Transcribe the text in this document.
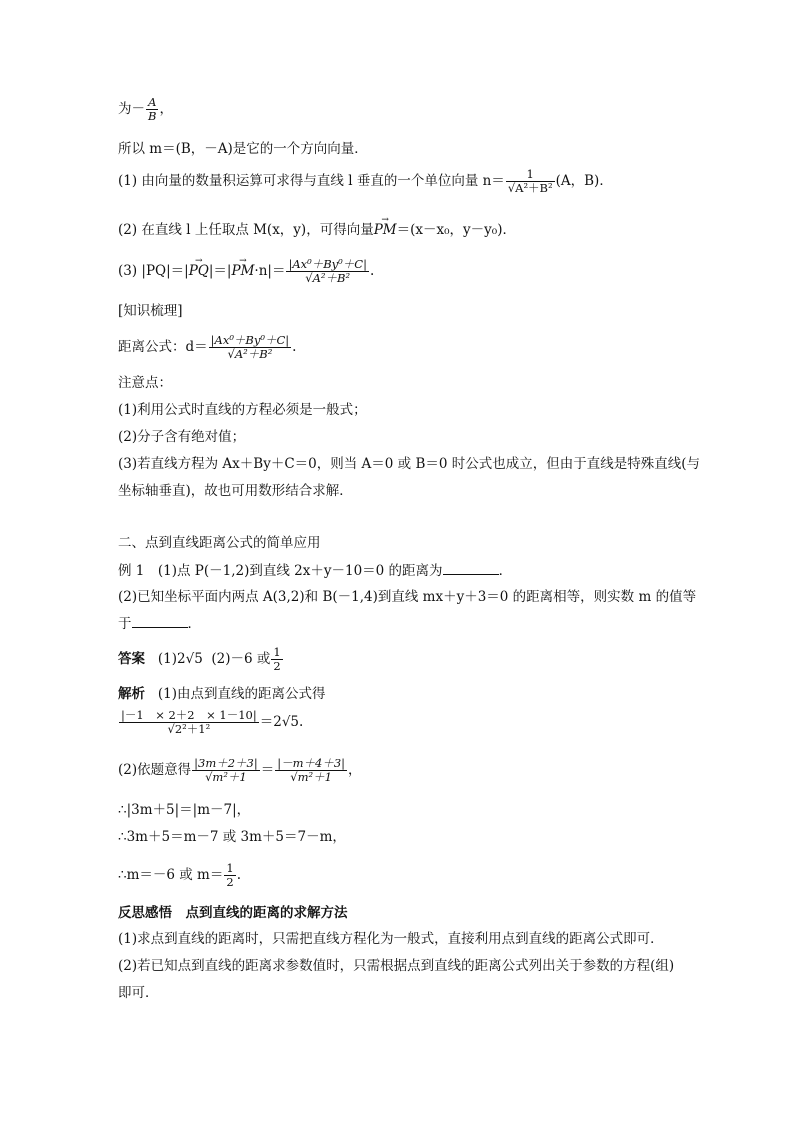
为－ $\frac{A}{B}$ ，
所以 m＝(B，－A)是它的一个方向向量．
(1) 由向量的数量积运算可求得与直线 l 垂直的一个单位向量 $n= \frac{1}{\text{√A²＋B²}} (A$，B)．
(2) 在直线 l 上任取点 M(x，y)，可得向量→ PM＝(x－x₀，y－y₀)．
(3) $|PQ|=|\to PQ|=|\to PM\cdot n|= \frac{\text{|Ax⁰＋By⁰＋C|}}{\text{√A²＋B²}}$ .
[知识梳理]
距离公式：$d= \frac{\text{|Ax⁰＋By⁰＋C|}}{\text{√A²＋B²}}$ .
注意点：
(1)利用公式时直线的方程必须是一般式；
(2)分子含有绝对值；
(3)若直线方程为 Ax＋By＋C＝0，则当 A＝0 或 B＝0 时公式也成立，但由于直线是特殊直线(与
坐标轴垂直)，故也可用数形结合求解．
二、点到直线距离公式的简单应用
例 1　(1)点 P(－1,2)到直线 2x＋y－10＝0 的距离为	．
(2)已知坐标平面内两点 A(3,2)和 B(－1,4)到直线 mx＋y＋3＝0 的距离相等，则实数 m 的值等
于	．
答案 (1)2√5 (2)－6 或 $\frac{1}{2}$
解析 (1)由点到直线的距离公式得
$\frac{|-1 \times 2+2 \times 1-10|}{\text{√2²＋1²}} =2√5$.
(2)依题意得 $\frac{|3m+2+3|}{\text{√m²＋1}} = \frac{|-m+4+3|}{\text{√m²＋1}}$ ，
∴|3m＋5|＝|m－7|，
∴3m＋5＝m－7 或 3m＋5＝7－m，
∴m＝－6 或 $m= \frac{1}{2}$ .
反思感悟　点到直线的距离的求解方法
(1)求点到直线的距离时，只需把直线方程化为一般式，直接利用点到直线的距离公式即可．
(2)若已知点到直线的距离求参数值时，只需根据点到直线的距离公式列出关于参数的方程(组)
即可．
